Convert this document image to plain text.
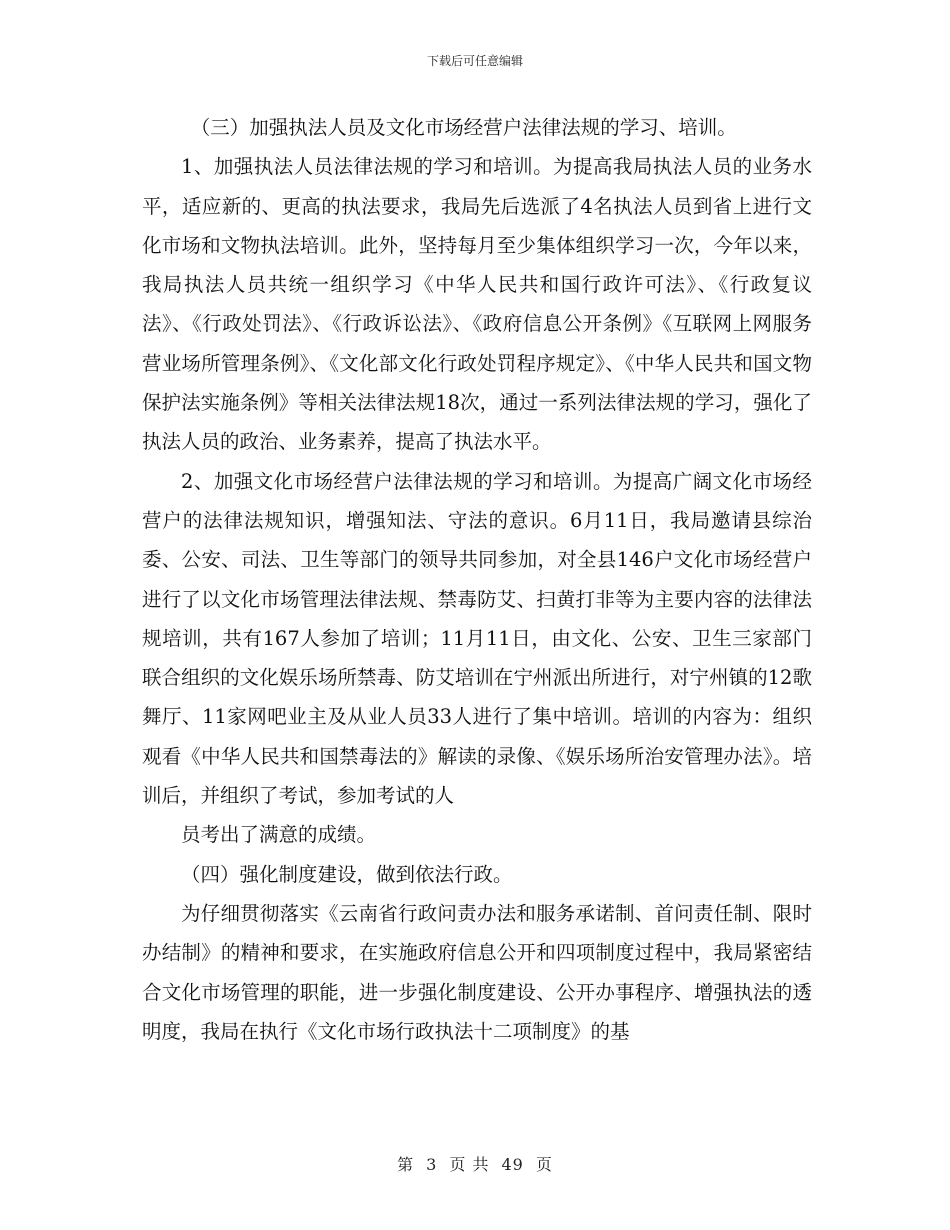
下载后可任意编辑

（三）加强执法人员及文化市场经营户法律法规的学习、培训。

1、加强执法人员法律法规的学习和培训。为提高我局执法人员的业务水平，适应新的、更高的执法要求，我局先后选派了4名执法人员到省上进行文化市场和文物执法培训。此外，坚持每月至少集体组织学习一次，今年以来，我局执法人员共统一组织学习《中华人民共和国行政许可法》、《行政复议法》、《行政处罚法》、《行政诉讼法》、《政府信息公开条例》《互联网上网服务营业场所管理条例》、《文化部文化行政处罚程序规定》、《中华人民共和国文物保护法实施条例》等相关法律法规18次，通过一系列法律法规的学习，强化了执法人员的政治、业务素养，提高了执法水平。

2、加强文化市场经营户法律法规的学习和培训。为提高广阔文化市场经营户的法律法规知识，增强知法、守法的意识。6月11日，我局邀请县综治委、公安、司法、卫生等部门的领导共同参加，对全县146户文化市场经营户进行了以文化市场管理法律法规、禁毒防艾、扫黄打非等为主要内容的法律法规培训，共有167人参加了培训；11月11日，由文化、公安、卫生三家部门联合组织的文化娱乐场所禁毒、防艾培训在宁州派出所进行，对宁州镇的12歌舞厅、11家网吧业主及从业人员33人进行了集中培训。培训的内容为：组织观看《中华人民共和国禁毒法的》解读的录像、《娱乐场所治安管理办法》。培训后，并组织了考试，参加考试的人

员考出了满意的成绩。

（四）强化制度建设，做到依法行政。

为仔细贯彻落实《云南省行政问责办法和服务承诺制、首问责任制、限时办结制》的精神和要求，在实施政府信息公开和四项制度过程中，我局紧密结合文化市场管理的职能，进一步强化制度建设、公开办事程序、增强执法的透明度，我局在执行《文化市场行政执法十二项制度》的基

第 3 页 共 49 页
